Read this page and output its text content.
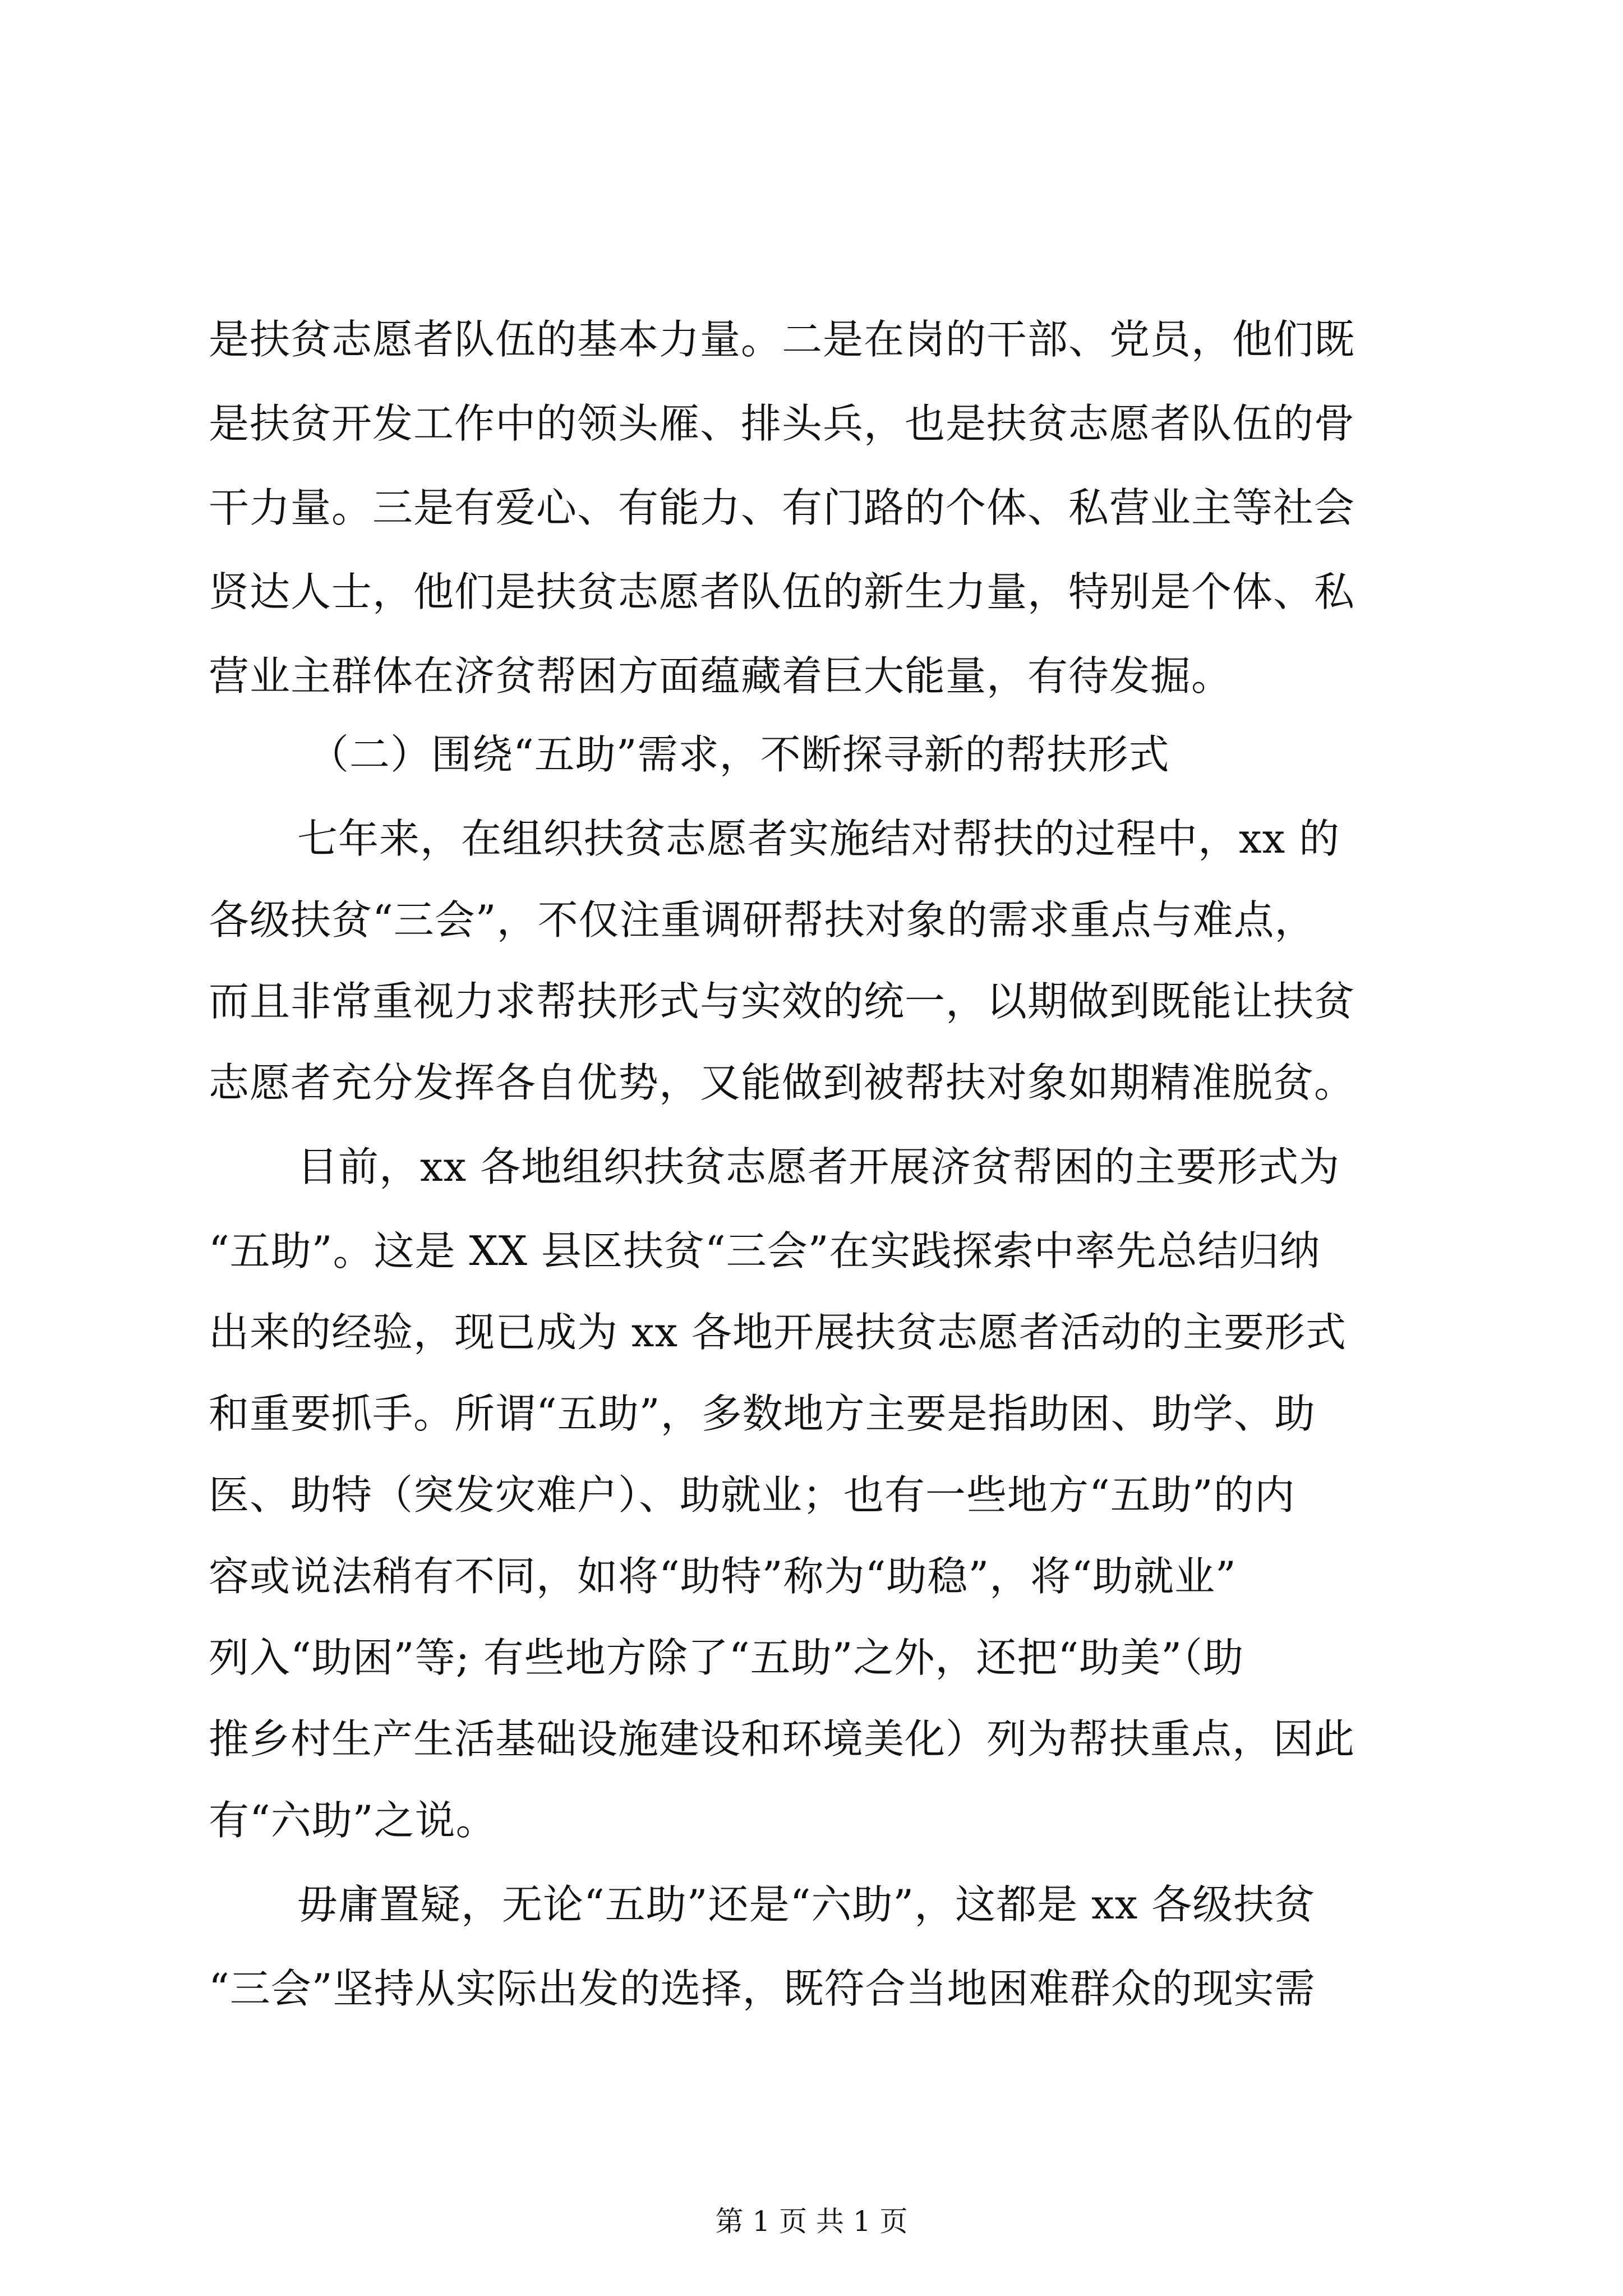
是扶贫志愿者队伍的基本力量。二是在岗的干部、党员，他们既
是扶贫开发工作中的领头雁、排头兵，也是扶贫志愿者队伍的骨
干力量。三是有爱心、有能力、有门路的个体、私营业主等社会
贤达人士，他们是扶贫志愿者队伍的新生力量，特别是个体、私
营业主群体在济贫帮困方面蕴藏着巨大能量，有待发掘。
（二）围绕“五助”需求，不断探寻新的帮扶形式
七年来，在组织扶贫志愿者实施结对帮扶的过程中，xx 的
各级扶贫“三会”，不仅注重调研帮扶对象的需求重点与难点，
而且非常重视力求帮扶形式与实效的统一，以期做到既能让扶贫
志愿者充分发挥各自优势，又能做到被帮扶对象如期精准脱贫。
目前，xx 各地组织扶贫志愿者开展济贫帮困的主要形式为
“五助”。这是 XX 县区扶贫“三会”在实践探索中率先总结归纳
出来的经验，现已成为 xx 各地开展扶贫志愿者活动的主要形式
和重要抓手。所谓“五助”，多数地方主要是指助困、助学、助
医、助特（突发灾难户）、助就业；也有一些地方“五助”的内
容或说法稍有不同，如将“助特”称为“助稳”，将“助就业”
列入“助困”等; 有些地方除了“五助”之外，还把“助美”（助
推乡村生产生活基础设施建设和环境美化）列为帮扶重点，因此
有“六助”之说。
毋庸置疑，无论“五助”还是“六助”，这都是 xx 各级扶贫
“三会”坚持从实际出发的选择，既符合当地困难群众的现实需
第 1 页 共 1 页
